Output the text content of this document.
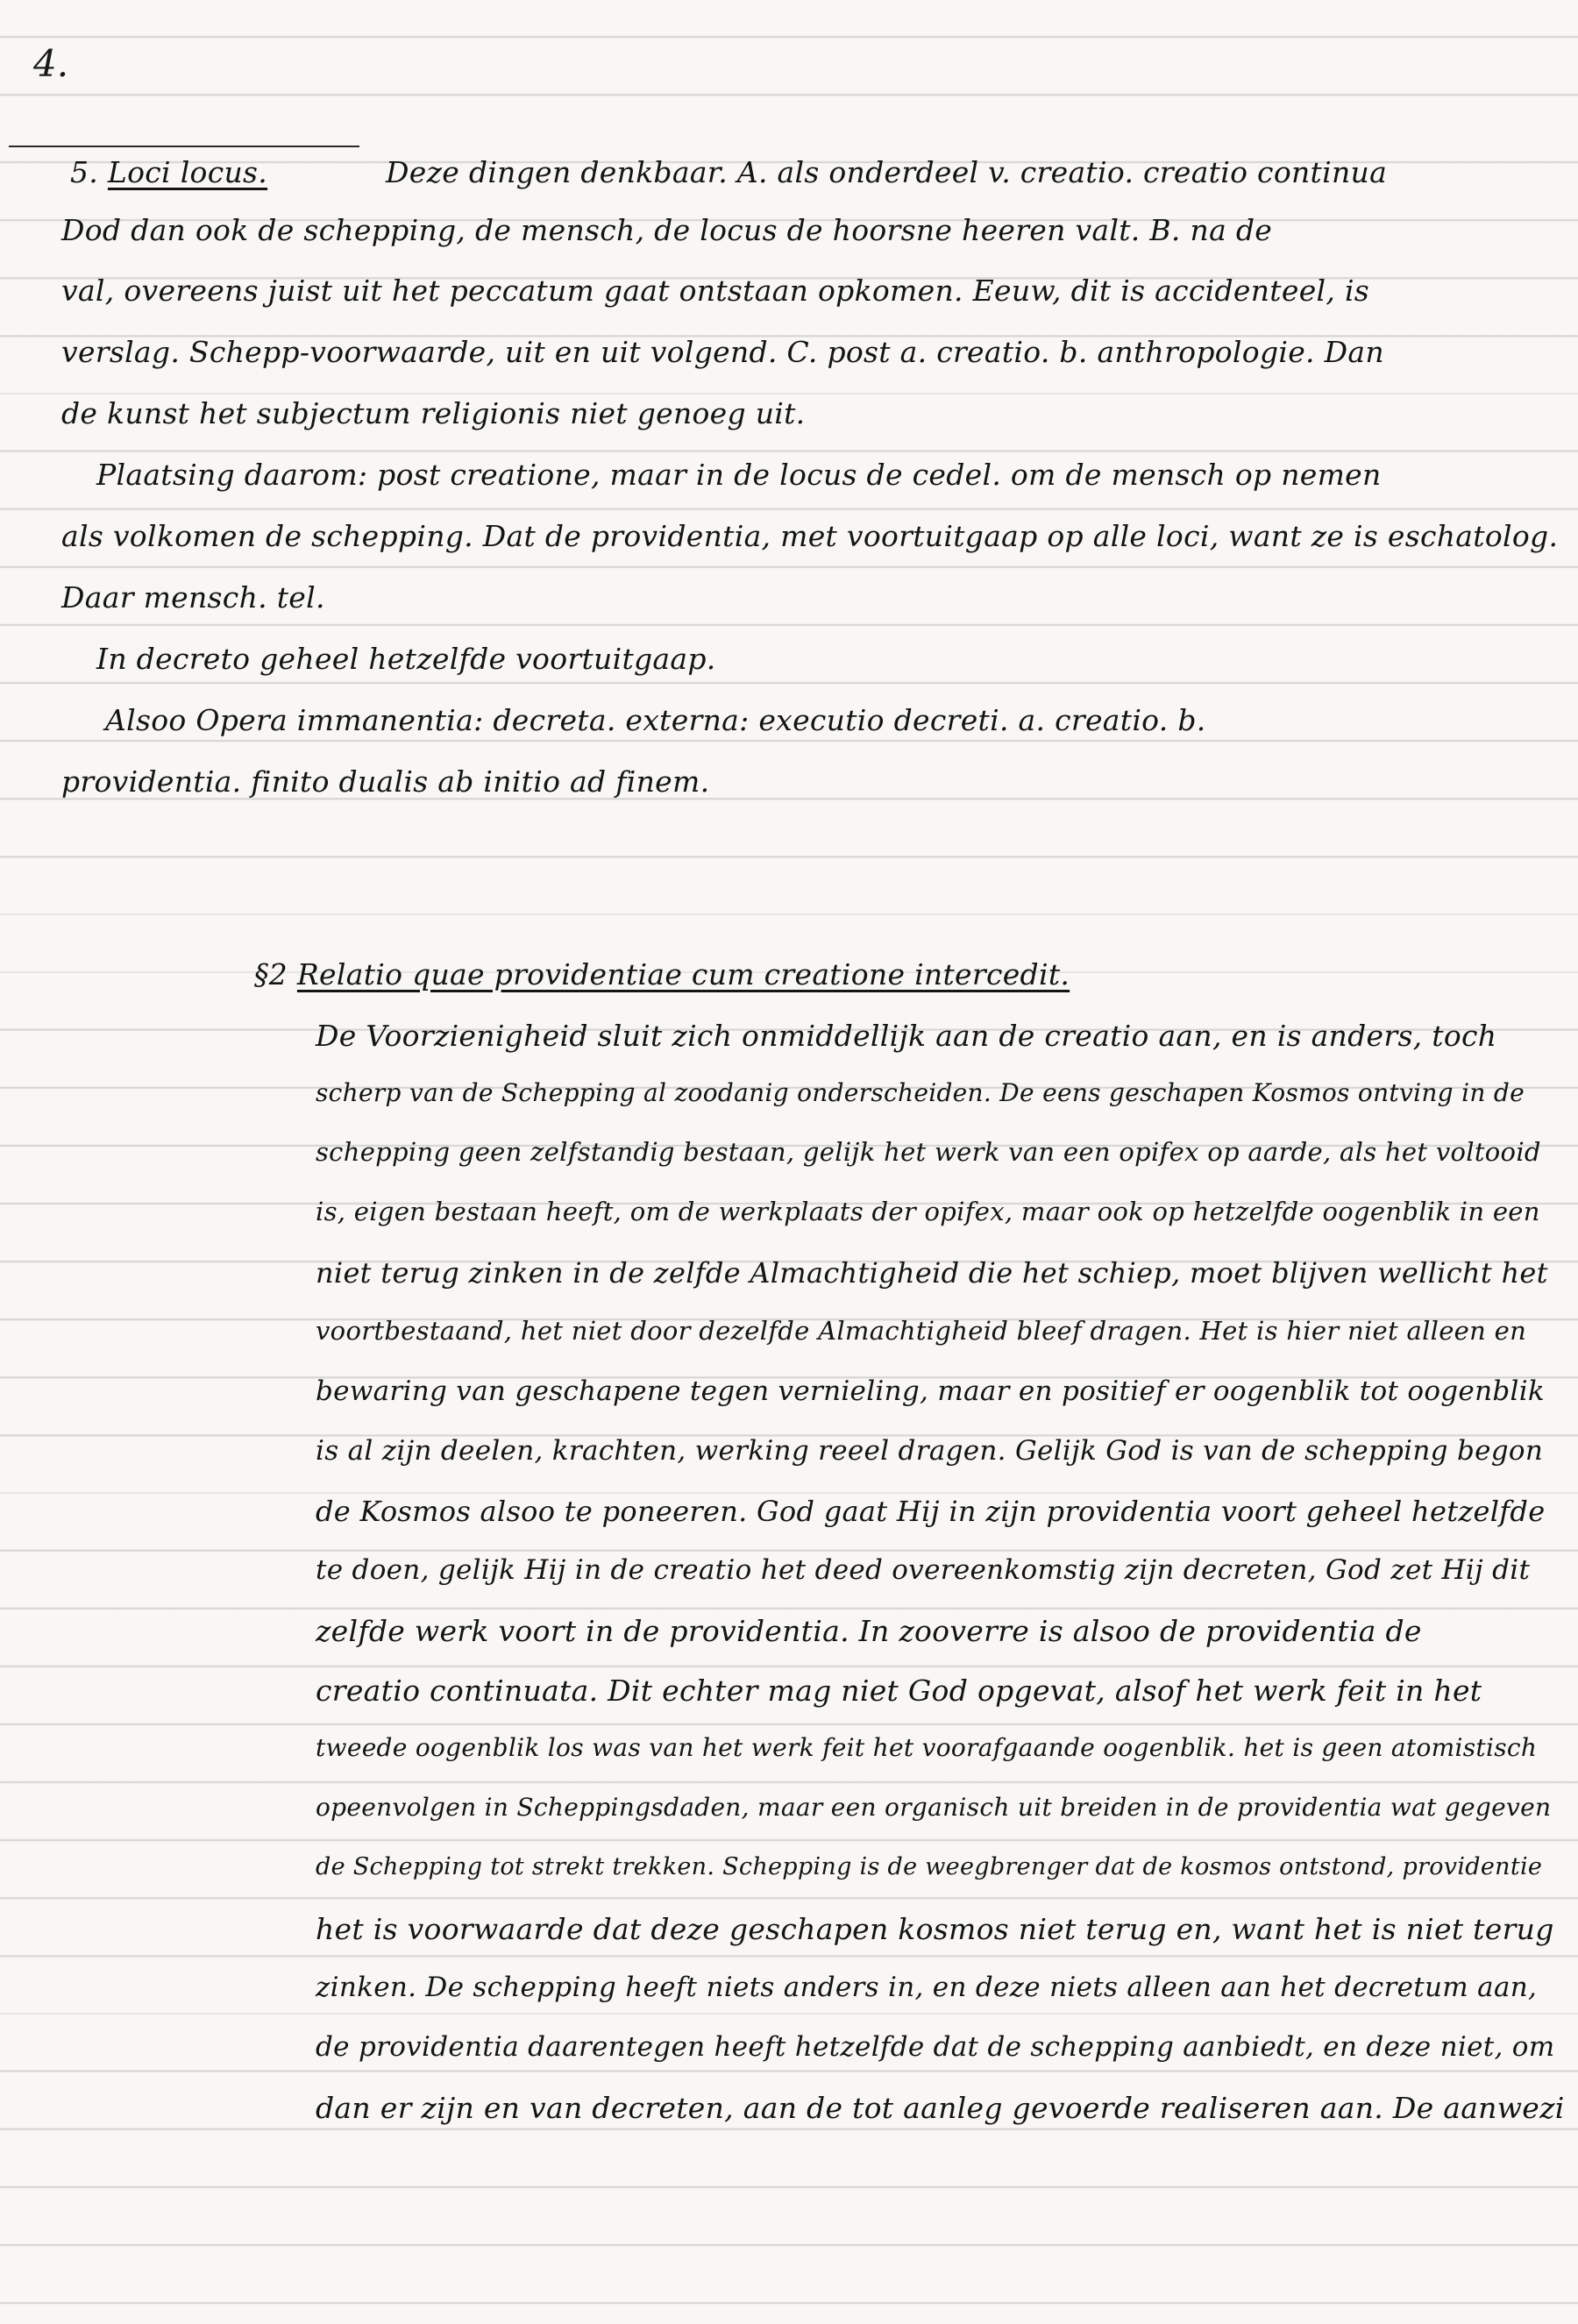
4.
5. Loci locus.	Deze dingen denkbaar. A. als onderdeel v. creatio. creatio continua
Dod dan ook de schepping, de mensch, de locus de hoorsne heeren valt. B. na de
val, overeens juist uit het peccatum gaat ontstaan opkomen. Eeuw, dit is accidenteel, is
verslag. Schepp-voorwaarde, uit en uit volgend. C. post a. creatio. b. anthropologie. Dan
de kunst het subjectum religionis niet genoeg uit.
Plaatsing daarom: post creatione, maar in de locus de cedel. om de mensch op nemen
als volkomen de schepping. Dat de providentia, met voortuitgaap op alle loci, want ze is eschatolog.
Daar mensch. tel.
In decreto geheel hetzelfde voortuitgaap.
Alsoo Opera immanentia: decreta. externa: executio decreti. a. creatio. b.
providentia. finito dualis ab initio ad finem.
§2 Relatio quae providentiae cum creatione intercedit.
De Voorzienigheid sluit zich onmiddellijk aan de creatio aan, en is anders, toch
scherp van de Schepping al zoodanig onderscheiden. De eens geschapen Kosmos ontving in de
schepping geen zelfstandig bestaan, gelijk het werk van een opifex op aarde, als het voltooid
is, eigen bestaan heeft, om de werkplaats der opifex, maar ook op hetzelfde oogenblik in een
niet terug zinken in de zelfde Almachtigheid die het schiep, moet blijven wellicht het
voortbestaand, het niet door dezelfde Almachtigheid bleef dragen. Het is hier niet alleen en
bewaring van geschapene tegen vernieling, maar en positief er oogenblik tot oogenblik
is al zijn deelen, krachten, werking reeel dragen. Gelijk God is van de schepping begon
de Kosmos alsoo te poneeren. God gaat Hij in zijn providentia voort geheel hetzelfde
te doen, gelijk Hij in de creatio het deed overeenkomstig zijn decreten, God zet Hij dit
zelfde werk voort in de providentia. In zooverre is alsoo de providentia de
creatio continuata. Dit echter mag niet God opgevat, alsof het werk feit in het
tweede oogenblik los was van het werk feit het voorafgaande oogenblik. het is geen atomistisch
opeenvolgen in Scheppingsdaden, maar een organisch uit breiden in de providentia wat gegeven
de Schepping tot strekt trekken. Schepping is de weegbrenger dat de kosmos ontstond, providentie
het is voorwaarde dat deze geschapen kosmos niet terug en, want het is niet terug
zinken. De schepping heeft niets anders in, en deze niets alleen aan het decretum aan,
de providentia daarentegen heeft hetzelfde dat de schepping aanbiedt, en deze niet, om
dan er zijn en van decreten, aan de tot aanleg gevoerde realiseren aan. De aanwezi
